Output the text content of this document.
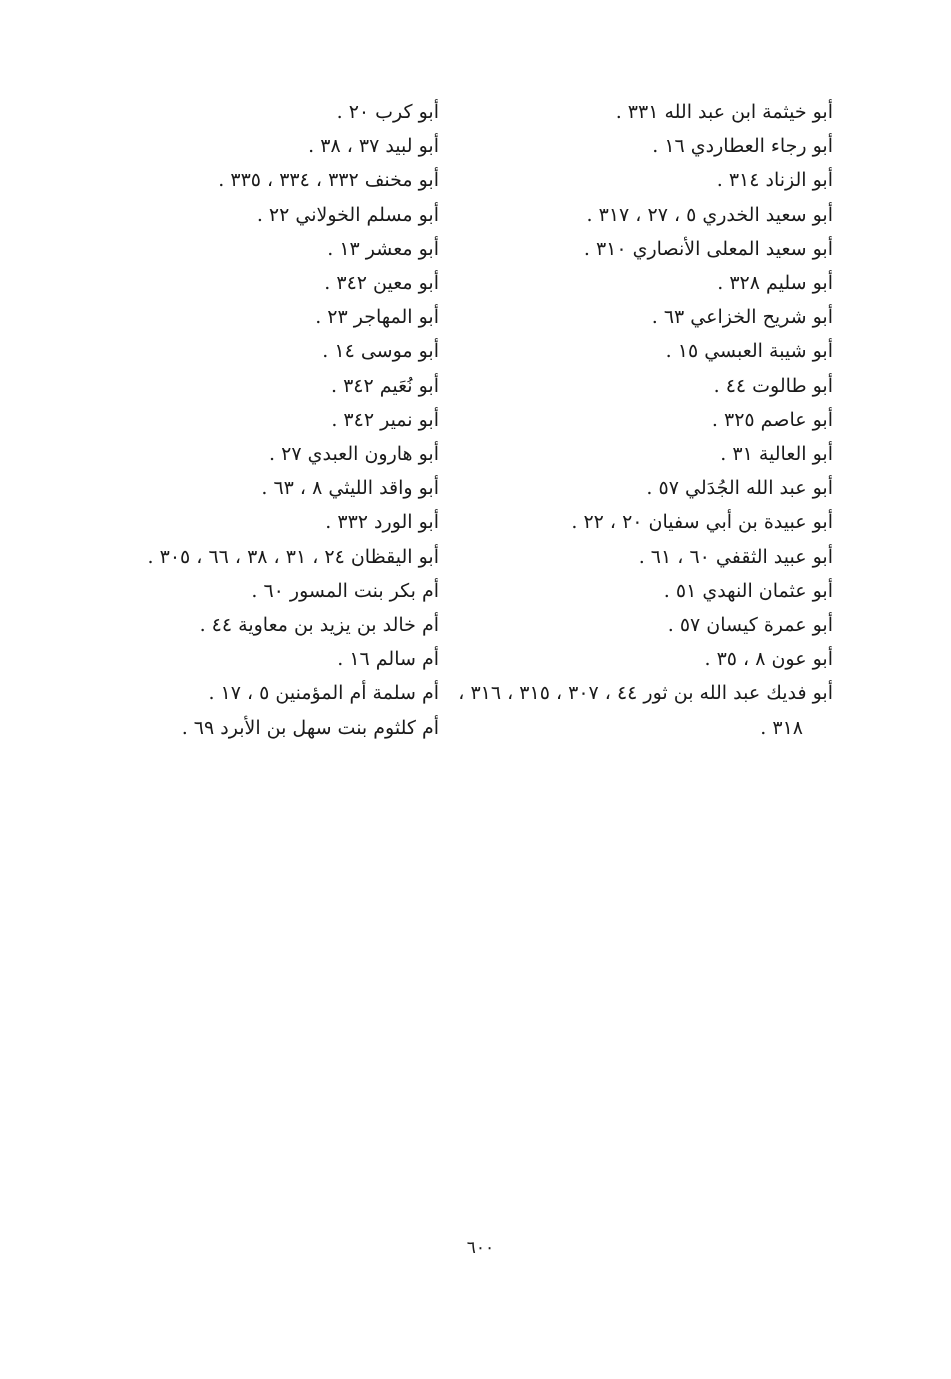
أبو خيثمة ابن عبد الله ٣٣١ .
أبو رجاء العطاردي ١٦ .
أبو الزناد ٣١٤ .
أبو سعيد الخدري ٥ ، ٢٧ ، ٣١٧ .
أبو سعيد المعلى الأنصاري ٣١٠ .
أبو سليم ٣٢٨ .
أبو شريح الخزاعي ٦٣ .
أبو شيبة العبسي ١٥ .
أبو طالوت ٤٤ .
أبو عاصم ٣٢٥ .
أبو العالية ٣١ .
أبو عبد الله الجُدَلي ٥٧ .
أبو عبيدة بن أبي سفيان ٢٠ ، ٢٢ .
أبو عبيد الثقفي ٦٠ ، ٦١ .
أبو عثمان النهدي ٥١ .
أبو عمرة كيسان ٥٧ .
أبو عون ٨ ، ٣٥ .
أبو فديك عبد الله بن ثور ٤٤ ، ٣٠٧ ، ٣١٥ ، ٣١٦ ، ٣١٨ .
أبو كرب ٢٠ .
أبو لبيد ٣٧ ، ٣٨ .
أبو مخنف ٣٣٢ ، ٣٣٤ ، ٣٣٥ .
أبو مسلم الخولاني ٢٢ .
أبو معشر ١٣ .
أبو معين ٣٤٢ .
أبو المهاجر ٢٣ .
أبو موسى ١٤ .
أبو نُعَيم ٣٤٢ .
أبو نمير ٣٤٢ .
أبو هارون العبدي ٢٧ .
أبو واقد الليثي ٨ ، ٦٣ .
أبو الورد ٣٣٢ .
أبو اليقظان ٢٤ ، ٣١ ، ٣٨ ، ٦٦ ، ٣٠٥ .
أم بكر بنت المسور ٦٠ .
أم خالد بن يزيد بن معاوية ٤٤ .
أم سالم ١٦ .
أم سلمة أم المؤمنين ٥ ، ١٧ .
أم كلثوم بنت سهل بن الأبرد ٦٩ .
٦٠٠
